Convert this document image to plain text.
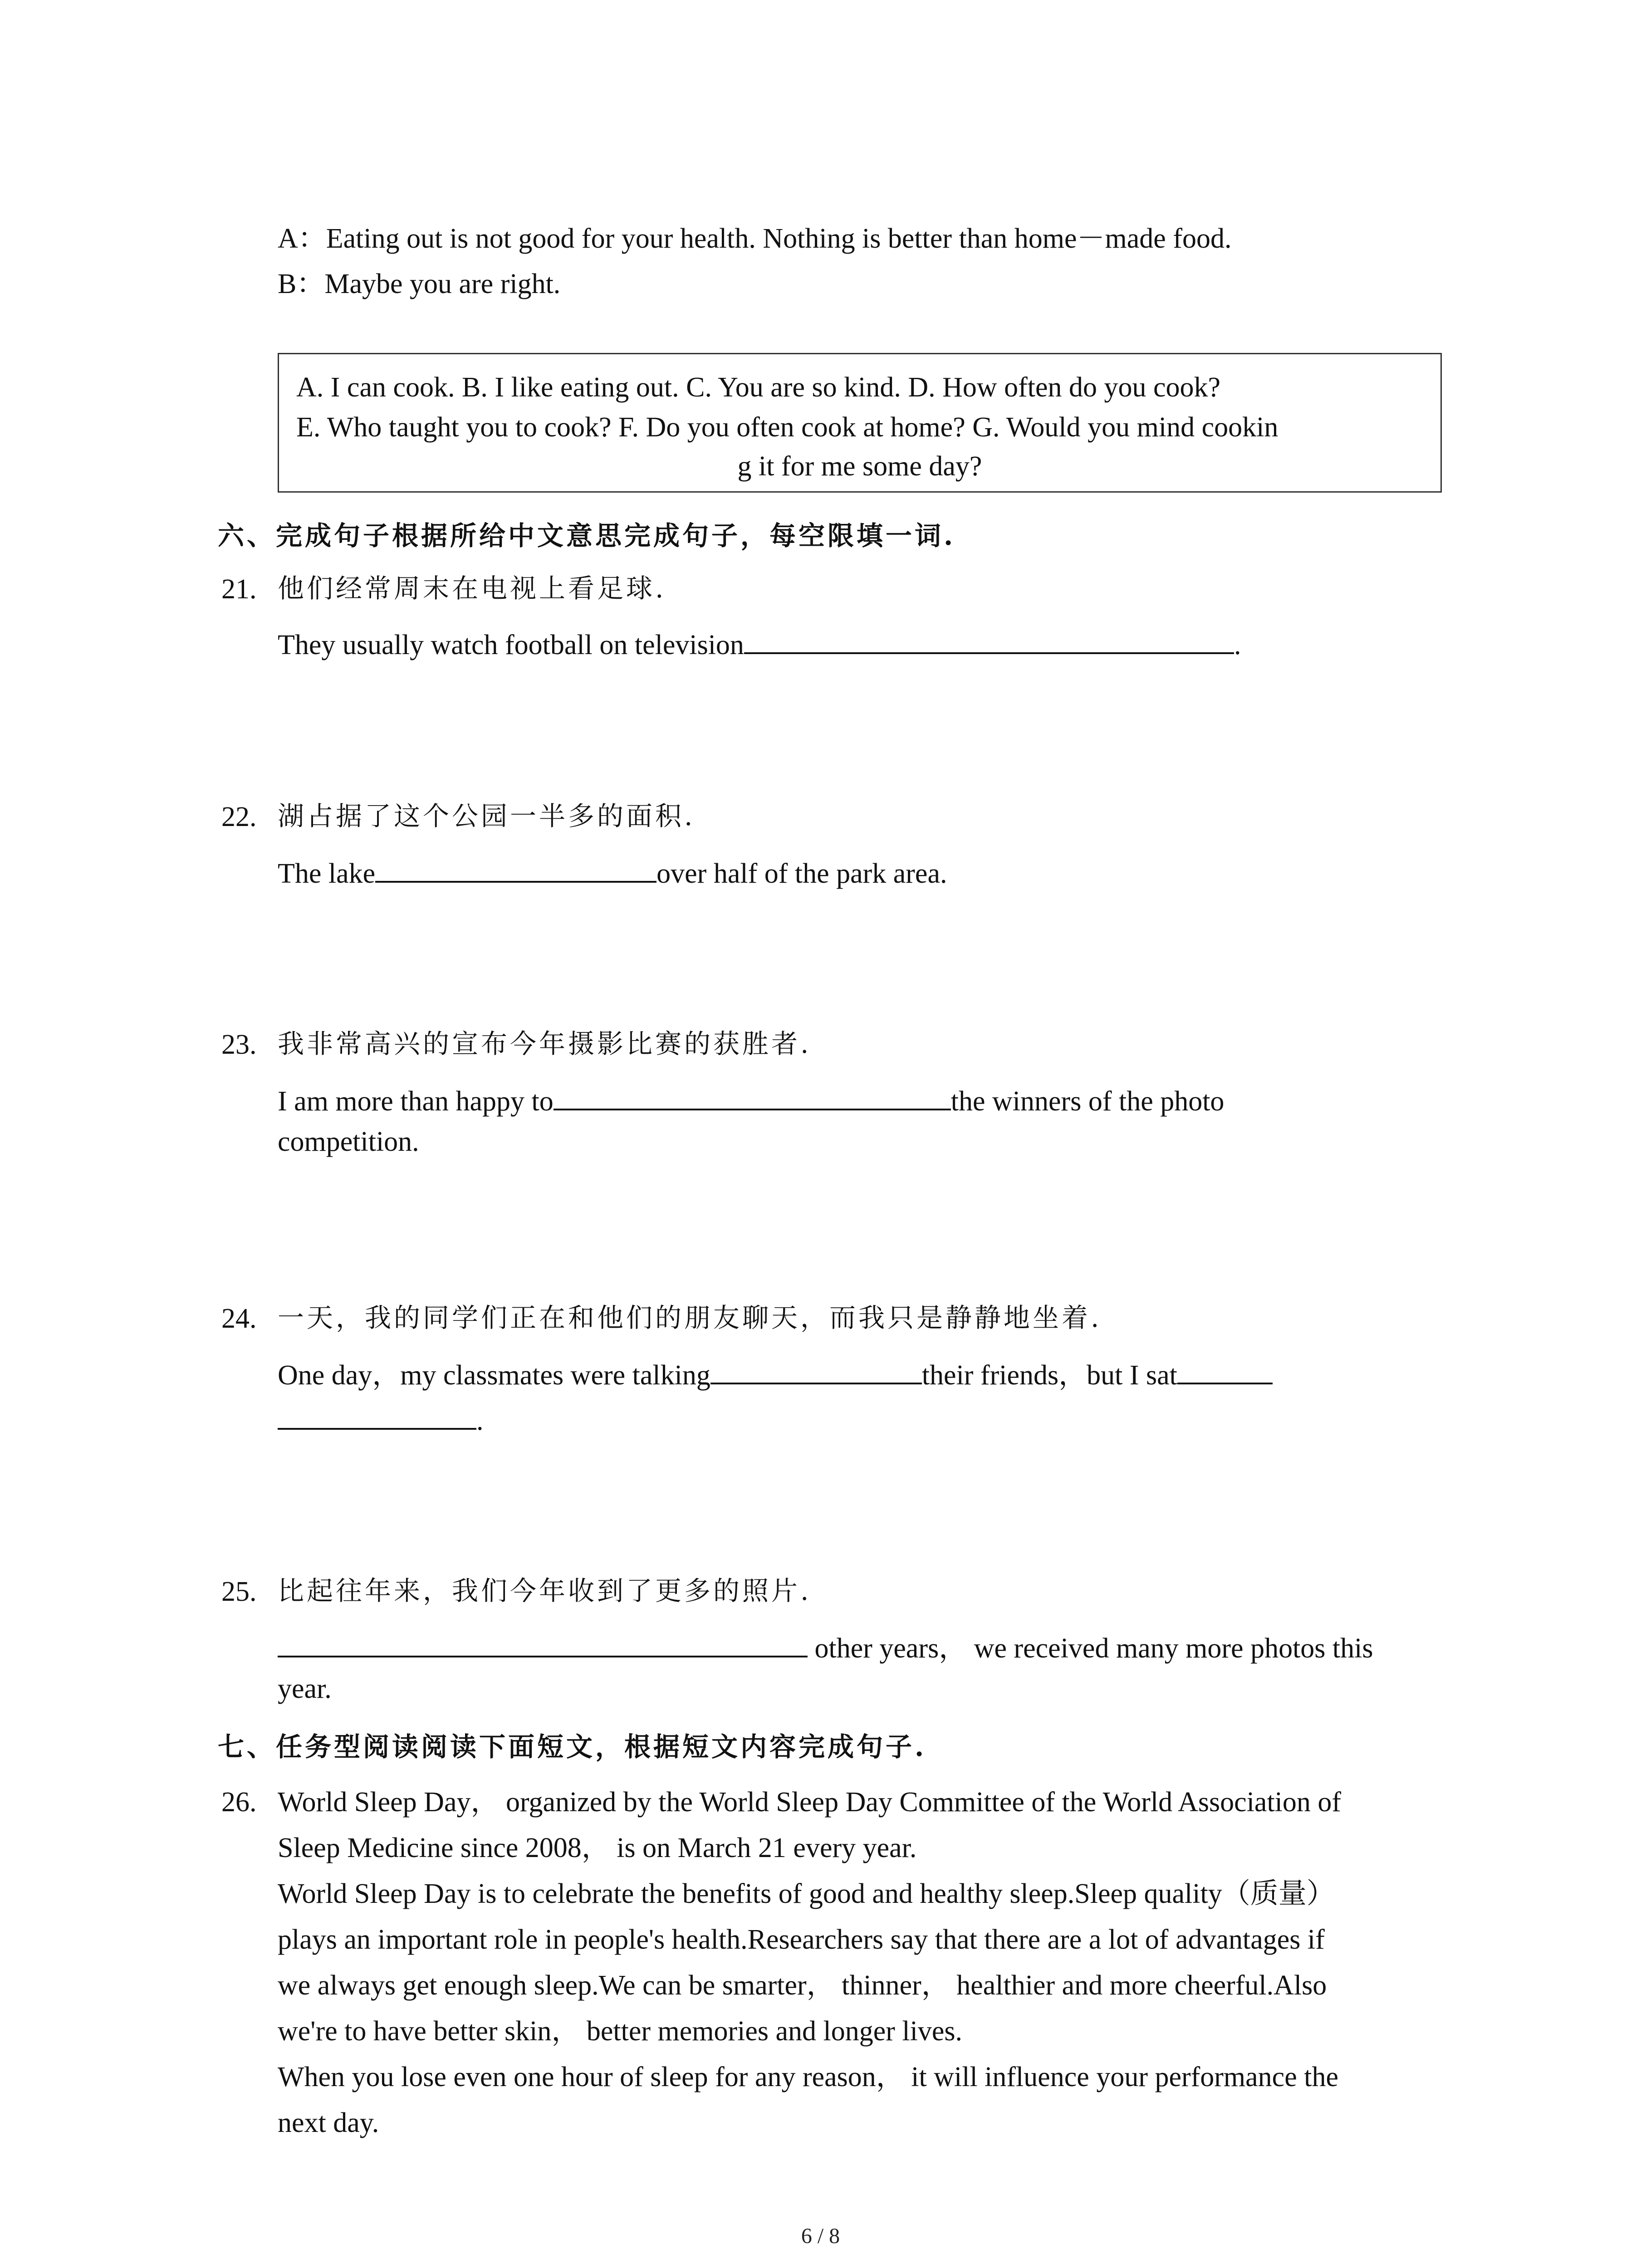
A：Eating out is not good for your health. Nothing is better than home－made food.
B：Maybe you are right.
A. I can cook. B. I like eating out. C. You are so kind. D. How often do you cook?
E. Who taught you to cook? F. Do you often cook at home? G. Would you mind cookin
g it for me some day?
六、完成句子根据所给中文意思完成句子，每空限填一词.
21. 他们经常周末在电视上看足球.
They usually watch football on television	.
22. 湖占据了这个公园一半多的面积.
The lake	over half of the park area.
23. 我非常高兴的宣布今年摄影比赛的获胜者.
I am more than happy to	the winners of the photo
competition.
24. 一天，我的同学们正在和他们的朋友聊天，而我只是静静地坐着.
One day，my classmates were talking	their friends，but I sat
.
25. 比起往年来，我们今年收到了更多的照片.
other years， we received many more photos this
year.
七、任务型阅读阅读下面短文，根据短文内容完成句子.
26. World Sleep Day， organized by the World Sleep Day Committee of the World Association of
Sleep Medicine since 2008， is on March 21 every year.
World Sleep Day is to celebrate the benefits of good and healthy sleep.Sleep quality（质量）
plays an important role in people's health.Researchers say that there are a lot of advantages if
we always get enough sleep.We can be smarter， thinner， healthier and more cheerful.Also
we're to have better skin， better memories and longer lives.
When you lose even one hour of sleep for any reason， it will influence your performance the
next day.
6 / 8
